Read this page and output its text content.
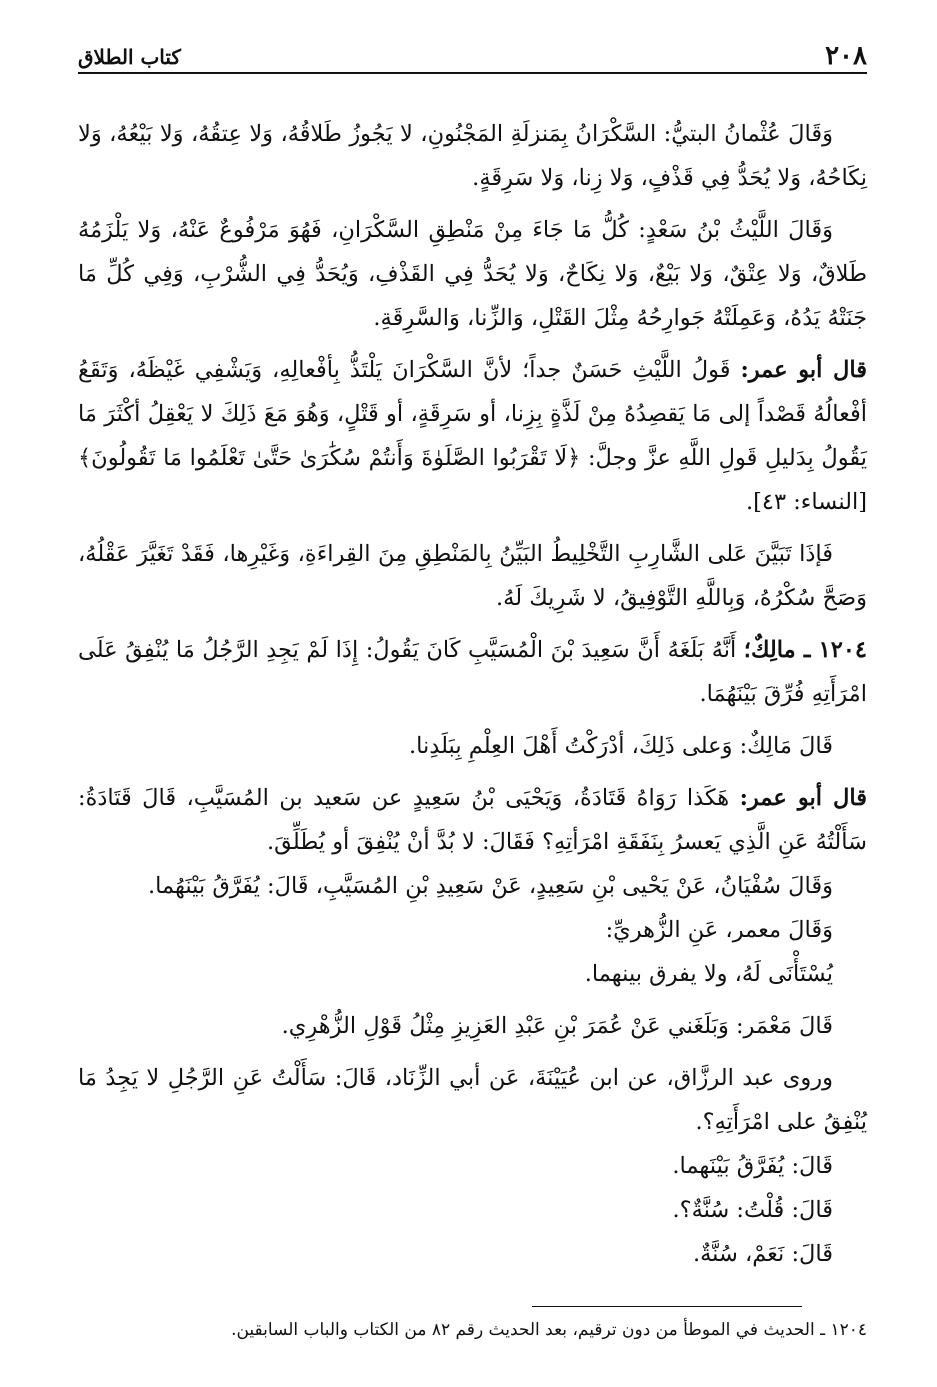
٢٠٨
كتاب الطلاق

وَقَالَ عُثْمانُ البتيُّ: السَّكْرَانُ بِمَنزلَةِ المَجْنُونِ، لا يَجُوزُ طَلاقُهُ، وَلا عِتقُهُ، وَلا بَيْعُهُ، وَلا نِكَاحُهُ، وَلا يُحَدُّ فِي قَذْفٍ، وَلا زِنا، وَلا سَرِقَةٍ.

وَقَالَ اللَّيْثُ بْنُ سَعْدٍ: كُلُّ مَا جَاءَ مِنْ مَنْطِقِ السَّكْرَانِ، فَهُوَ مَرْفُوعٌ عَنْهُ، وَلا يَلْزَمُهُ طَلاقٌ، وَلا عِتْقٌ، وَلا بَيْعٌ، وَلا نِكَاحٌ، وَلا يُحَدُّ فِي القَذْفِ، وَيُحَدُّ فِي الشُّرْبِ، وَفِي كُلِّ مَا جَنَتْهُ يَدُهُ، وَعَمِلَتْهُ جَوارِحُهُ مِثْلَ القَتْلِ، وَالزِّنا، وَالسَّرِقَةِ.

قال أبو عمر: قَولُ اللَّيْثِ حَسَنٌ جداً؛ لأنَّ السَّكْرَانَ يَلْتَذُّ بِأفْعالِهِ، وَيَشْفِي غَيْظَهُ، وَتَقَعُ أفْعالُهُ قَصْداً إلى مَا يَقصِدُهُ مِنْ لَذَّةٍ بِزِنا، أو سَرِقَةٍ، أو قَتْلٍ، وَهُوَ مَعَ ذَلِكَ لا يَعْقِلُ أكْثَرَ مَا يَقُولُ بِدَليلِ قَولِ اللَّهِ عزَّ وجلَّ: ﴿لَا تَقْرَبُوا الصَّلَوٰةَ وَأَنتُمْ سُكَٰرَىٰ حَتَّىٰ تَعْلَمُوا مَا تَقُولُونَ﴾ [النساء: ٤٣].

فَإذَا تَبَيَّنَ عَلى الشَّارِبِ التَّخْلِيطُ البَيِّنُ بِالمَنْطِقِ مِنَ القِراءَةِ، وَغَيْرِها، فَقَدْ تَغَيَّرَ عَقْلُهُ، وَصَحَّ سُكْرُهُ، وَبِاللَّهِ التَّوْفِيقُ، لا شَرِيكَ لَهُ.

١٢٠٤ ـ مالِكٌ؛ أَنَّهُ بَلَغَهُ أَنَّ سَعِيدَ بْنَ الْمُسَيَّبِ كَانَ يَقُولُ: إِذَا لَمْ يَجِدِ الرَّجُلُ مَا يُنْفِقُ عَلَى امْرَأَتِهِ فُرِّقَ بَيْنَهُمَا.

قَالَ مَالِكٌ: وَعلى ذَلِكَ، أدْرَكْتُ أَهْلَ العِلْمِ بِبَلَدِنا.

قال أبو عمر: هَكَذا رَوَاهُ قَتَادَةُ، وَيَحْيَى بْنُ سَعِيدٍ عن سَعيد بن المُسَيَّبِ، قَالَ قَتَادَةُ: سَأَلْتُهُ عَنِ الَّذِي يَعسرُ بِنَفَقَةِ امْرَأتِهِ؟ فَقَالَ: لا بُدَّ أنْ يُنْفِقَ أو يُطَلِّقَ.

وَقَالَ سُفْيَانُ، عَنْ يَحْيى بْنِ سَعِيدٍ، عَنْ سَعِيدِ بْنِ المُسَيَّبِ، قَالَ: يُفَرَّقُ بَيْنَهُما.

وَقَالَ معمر، عَنِ الزُّهريِّ:

يُسْتَأْنَى لَهُ، ولا يفرق بينهما.

قَالَ مَعْمَر: وَبَلَغَني عَنْ عُمَرَ بْنِ عَبْدِ العَزِيزِ مِثْلُ قَوْلِ الزُّهْرِي.

وروى عبد الرزَّاق، عن ابن عُيَيْنَةَ، عَن أبي الزِّنَاد، قَالَ: سَأَلْتُ عَنِ الرَّجُلِ لا يَجِدُ مَا يُنْفِقُ على امْرَأَتِهِ؟.

قَالَ: يُفَرَّقُ بَيْنَهما.

قَالَ: قُلْتُ: سُنَّةٌ؟.

قَالَ: نَعَمْ، سُنَّةٌ.

١٢٠٤ ـ الحديث في الموطأ من دون ترقيم، بعد الحديث رقم ٨٢ من الكتاب والباب السابقين.
